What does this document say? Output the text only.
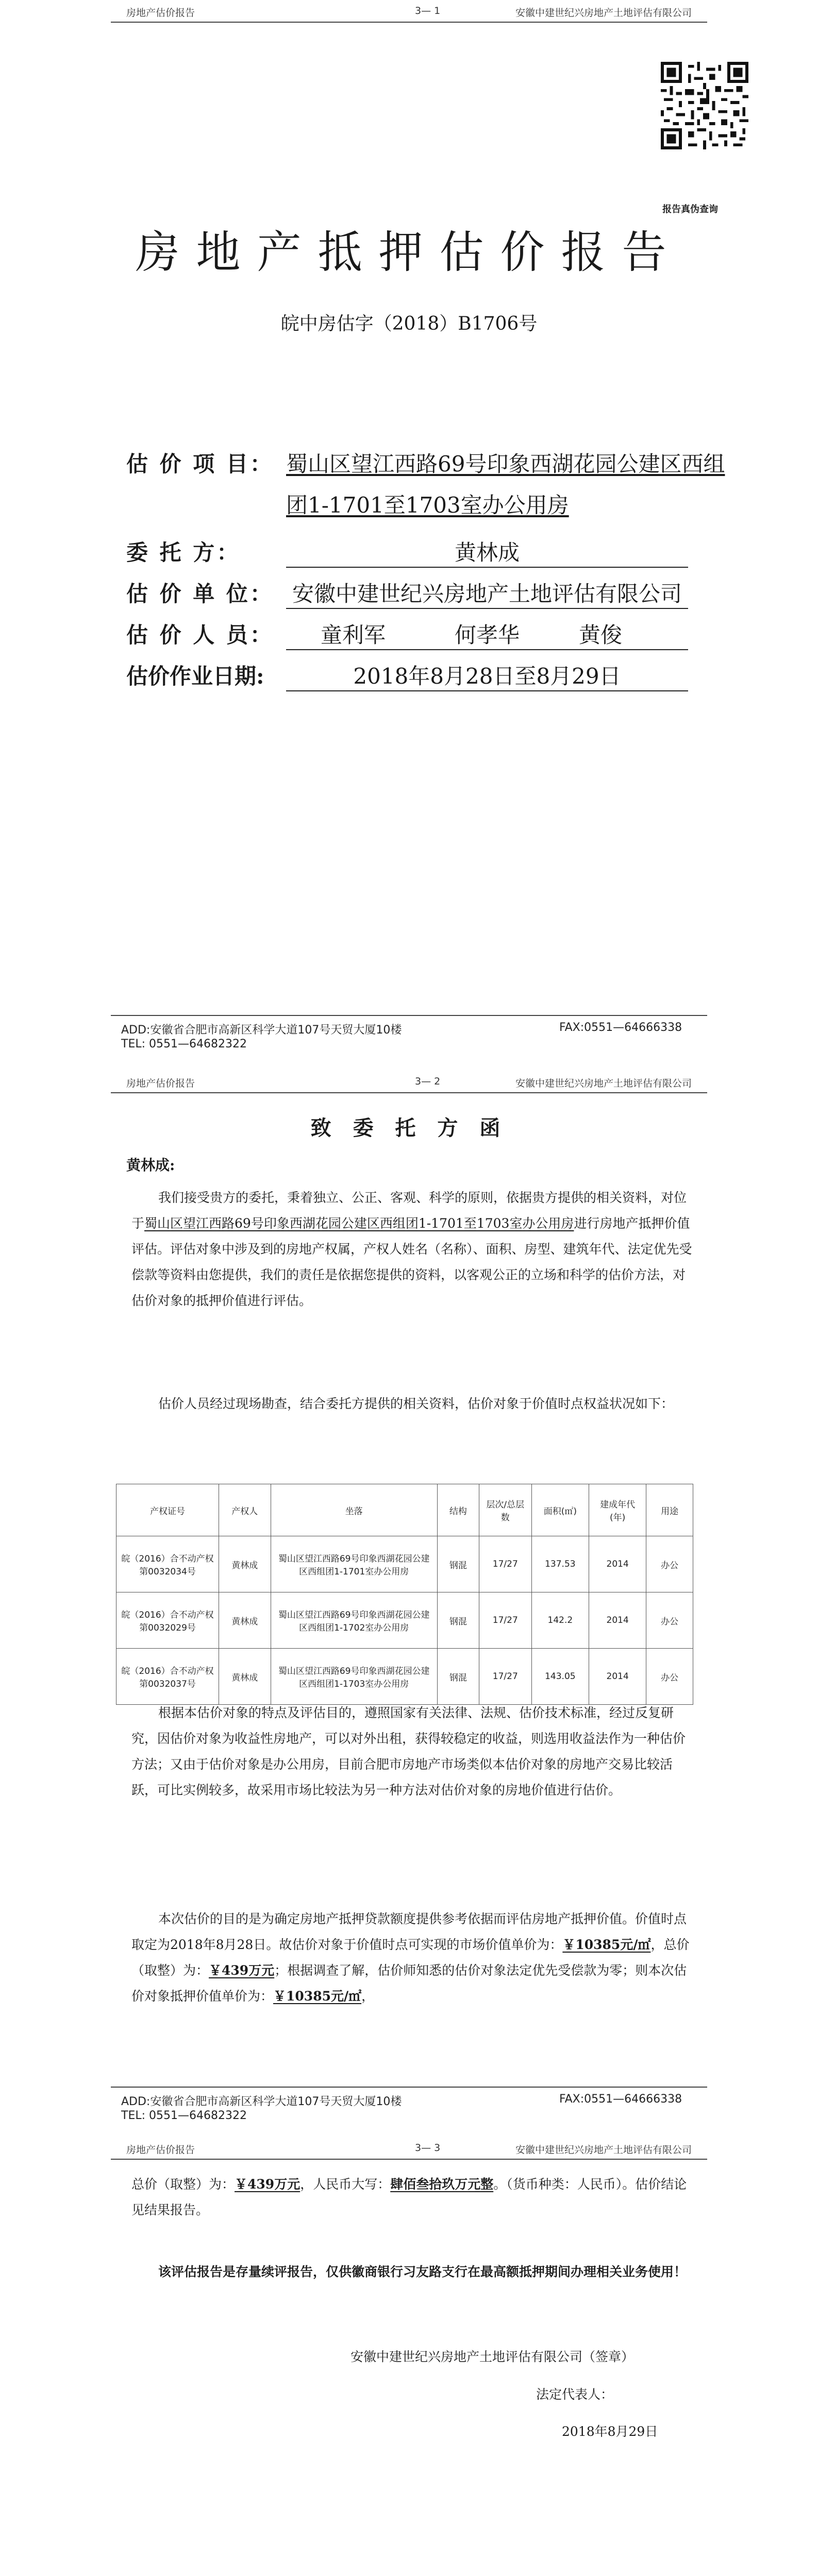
房地产估价报告	3— 1	安徽中建世纪兴房地产土地评估有限公司
报告真伪查询
房地产抵押估价报告
皖中房估字（2018）B1706号
估 价 项 目： 蜀山区望江西路69号印象西湖花园公建区西组
团1-1701至1703室办公用房
委 托 方：	黄林成
估 价 单 位： 安徽中建世纪兴房地产土地评估有限公司
估 价 人 员： 童利军	何孝华	黄俊
估价作业日期:	2018年8月28日至8月29日
ADD:安徽省合肥市高新区科学大道107号天贸大厦10楼	FAX:0551—64666338
TEL: 0551—64682322
房地产估价报告	3— 2	安徽中建世纪兴房地产土地评估有限公司
致 委 托 方 函
黄林成:
我们接受贵方的委托，秉着独立、公正、客观、科学的原则，依据贵方提供的相关资料，对位于蜀山区望江西路69号印象西湖花园公建区西组团1-1701至1703室办公用房进行房地产抵押价值评估。评估对象中涉及到的房地产权属，产权人姓名（名称）、面积、房型、建筑年代、法定优先受偿款等资料由您提供，我们的责任是依据您提供的资料，以客观公正的立场和科学的估价方法，对估价对象的抵押价值进行评估。
估价人员经过现场勘查，结合委托方提供的相关资料，估价对象于价值时点权益状况如下：
产权证号	产权人	坐落	结构	层次/总层数	面积(㎡)	建成年代(年)	用途
皖（2016）合不动产权第0032034号	黄林成	蜀山区望江西路69号印象西湖花园公建区西组团1-1701室办公用房	钢混	17/27	137.53	2014	办公
皖（2016）合不动产权第0032029号	黄林成	蜀山区望江西路69号印象西湖花园公建区西组团1-1702室办公用房	钢混	17/27	142.2	2014	办公
皖（2016）合不动产权第0032037号	黄林成	蜀山区望江西路69号印象西湖花园公建区西组团1-1703室办公用房	钢混	17/27	143.05	2014	办公
根据本估价对象的特点及评估目的，遵照国家有关法律、法规、估价技术标准，经过反复研究，因估价对象为收益性房地产，可以对外出租，获得较稳定的收益，则选用收益法作为一种估价方法；又由于估价对象是办公用房，目前合肥市房地产市场类似本估价对象的房地产交易比较活跃，可比实例较多，故采用市场比较法为另一种方法对估价对象的房地价值进行估价。
本次估价的目的是为确定房地产抵押贷款额度提供参考依据而评估房地产抵押价值。价值时点取定为2018年8月28日。故估价对象于价值时点可实现的市场价值单价为：￥10385元/㎡，总价（取整）为：￥439万元；根据调查了解，估价师知悉的估价对象法定优先受偿款为零；则本次估价对象抵押价值单价为：￥10385元/㎡，
ADD:安徽省合肥市高新区科学大道107号天贸大厦10楼	FAX:0551—64666338
TEL: 0551—64682322
房地产估价报告	3— 3	安徽中建世纪兴房地产土地评估有限公司
总价（取整）为：￥439万元，人民币大写：肆佰叁拾玖万元整。（货币种类：人民币）。估价结论见结果报告。
该评估报告是存量续评报告，仅供徽商银行习友路支行在最高额抵押期间办理相关业务使用！
安徽中建世纪兴房地产土地评估有限公司（签章）
法定代表人：
2018年8月29日
